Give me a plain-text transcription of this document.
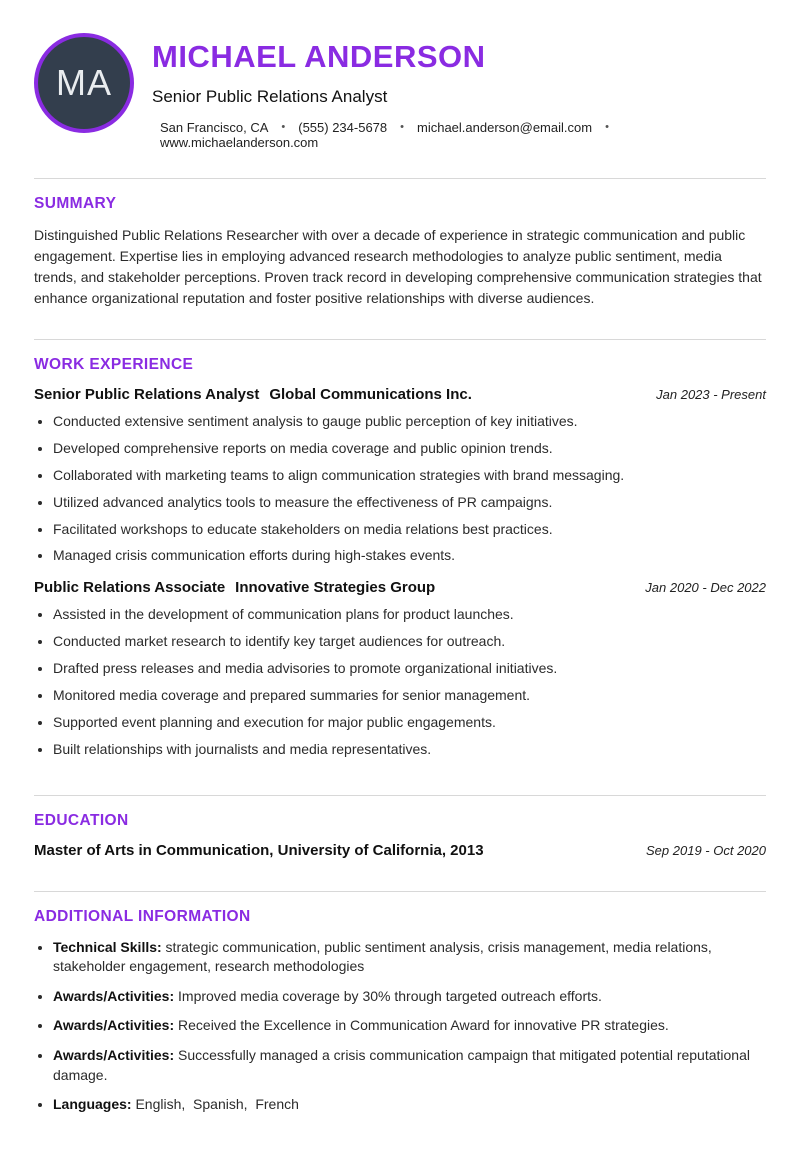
MA
MICHAEL ANDERSON
Senior Public Relations Analyst
San Francisco, CA • (555) 234-5678 • michael.anderson@email.com •
www.michaelanderson.com
SUMMARY

Distinguished Public Relations Researcher with over a decade of experience in strategic communication and public engagement. Expertise lies in employing advanced research methodologies to analyze public sentiment, media trends, and stakeholder perceptions. Proven track record in developing comprehensive communication strategies that enhance organizational reputation and foster positive relationships with diverse audiences.

WORK EXPERIENCE
Senior Public Relations Analyst Global Communications Inc.	Jan 2023 - Present
• Conducted extensive sentiment analysis to gauge public perception of key initiatives.
• Developed comprehensive reports on media coverage and public opinion trends.
• Collaborated with marketing teams to align communication strategies with brand messaging.
• Utilized advanced analytics tools to measure the effectiveness of PR campaigns.
• Facilitated workshops to educate stakeholders on media relations best practices.
• Managed crisis communication efforts during high-stakes events.
Public Relations Associate Innovative Strategies Group	Jan 2020 - Dec 2022
• Assisted in the development of communication plans for product launches.
• Conducted market research to identify key target audiences for outreach.
• Drafted press releases and media advisories to promote organizational initiatives.
• Monitored media coverage and prepared summaries for senior management.
• Supported event planning and execution for major public engagements.
• Built relationships with journalists and media representatives.
EDUCATION
Master of Arts in Communication, University of California, 2013	Sep 2019 - Oct 2020
ADDITIONAL INFORMATION
• Technical Skills: strategic communication, public sentiment analysis, crisis management, media relations, stakeholder engagement, research methodologies
• Awards/Activities: Improved media coverage by 30% through targeted outreach efforts.
• Awards/Activities: Received the Excellence in Communication Award for innovative PR strategies.
• Awards/Activities: Successfully managed a crisis communication campaign that mitigated potential reputational damage.
• Languages: English,  Spanish,  French
